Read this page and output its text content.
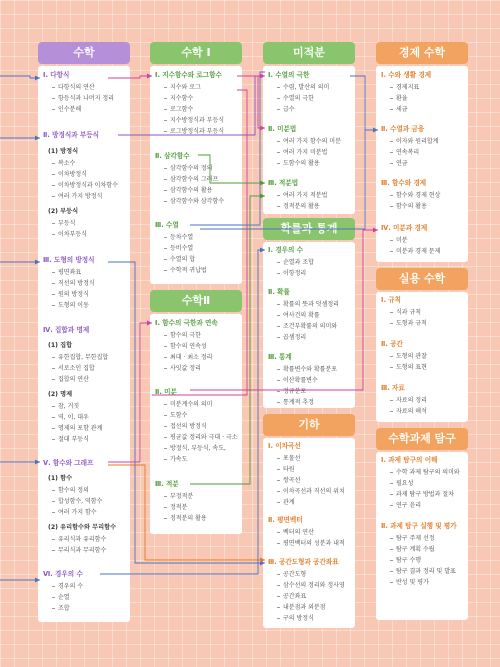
수학
Ⅰ. 다항식
다항식의 연산
항등식과 나머지 정리
인수분해
Ⅱ. 방정식과 부등식
(1) 방정식
복소수
이차방정식
이차방정식과 이차함수
여러 가지 방정식
(2) 부등식
부등식
이차부등식
Ⅲ. 도형의 방정식
평면좌표
직선의 방정식
원의 방정식
도형의 이동
Ⅳ. 집합과 명제
(1) 집합
유한집합, 무한집합
서로소인 집합
집합의 연산
(2) 명제
참, 거짓
역, 이, 대우
명제의 포함 관계
절대 부등식
Ⅴ. 함수와 그래프
(1) 함수
함수의 정의
합성함수, 역함수
여러 가지 함수
(2) 유리함수와 무리함수
유리식과 유리함수
무리식과 무리함수
Ⅵ. 경우의 수
경우의 수
순열
조합
수학 Ⅰ
Ⅰ. 지수함수와 로그함수
지수와 로그
지수함수
로그함수
지수방정식과 부등식
로그방정식과 부등식
Ⅱ. 삼각함수
삼각함수의 정의
삼각함수의 그래프
삼각함수의 활용
삼각함수와 삼각함수
Ⅲ. 수열
등차수열
등비수열
수열의 합
수학적 귀납법
수학Ⅱ
Ⅰ. 함수의 극한과 연속
함수의 극한
함수의 연속성
최대 · 최소 정리
사잇값 정리
Ⅱ. 미분
미분계수의 의미
도함수
접선의 방정식
평균값 정리와 극대 · 극소
방정식, 부등식, 속도,
가속도
Ⅲ. 적분
부정적분
정적분
정적분의 활용
미적분
Ⅰ. 수열의 극한
수렴, 발산의 의미
수열의 극한
급수
Ⅱ. 미분법
여러 가지 함수의 미분
여러 가지 미분법
도함수의 활용
Ⅲ. 적분법
여러 가지 적분법
정적분의 활용
확률과 통계
Ⅰ. 경우의 수
순열과 조합
이항정리
Ⅱ. 확률
확률의 뜻과 덧셈정리
여사건의 확률
조건부확률의 의미와
곱셈정리
Ⅲ. 통계
확률변수와 확률분포
이산확률변수
정규분포
통계적 추정
기하
Ⅰ. 이차곡선
포물선
타원
쌍곡선
이차곡선과 직선의 위치
관계
Ⅱ. 평면벡터
벡터의 연산
평면벡터의 성분과 내적
Ⅲ. 공간도형과 공간좌표
공간도형
삼수선의 정리와 정사영
공간좌표
내분점과 외분점
구의 방정식
경제 수학
Ⅰ. 수와 생활 경제
경제지표
환율
세금
Ⅱ. 수열과 금융
이자와 원리합계
연속복리
연금
Ⅲ. 함수와 경제
함수와 경제 현상
함수의 활용
Ⅳ. 미분과 경제
미분
미분과 경제 문제
실용 수학
Ⅰ. 규칙
식과 규칙
도형과 규칙
Ⅱ. 공간
도형의 관찰
도형의 표현
Ⅲ. 자료
자료의 정리
자료의 해석
수학과제 탐구
Ⅰ. 과제 탐구의 이해
수학 과제 탐구의 의미와
필요성
과제 탐구 방법과 절차
연구 윤리
Ⅱ. 과제 탐구 실행 및 평가
탐구 주제 선정
탐구 계획 수립
탐구 수행
탐구 결과 정리 및 발표
반성 및 평가
